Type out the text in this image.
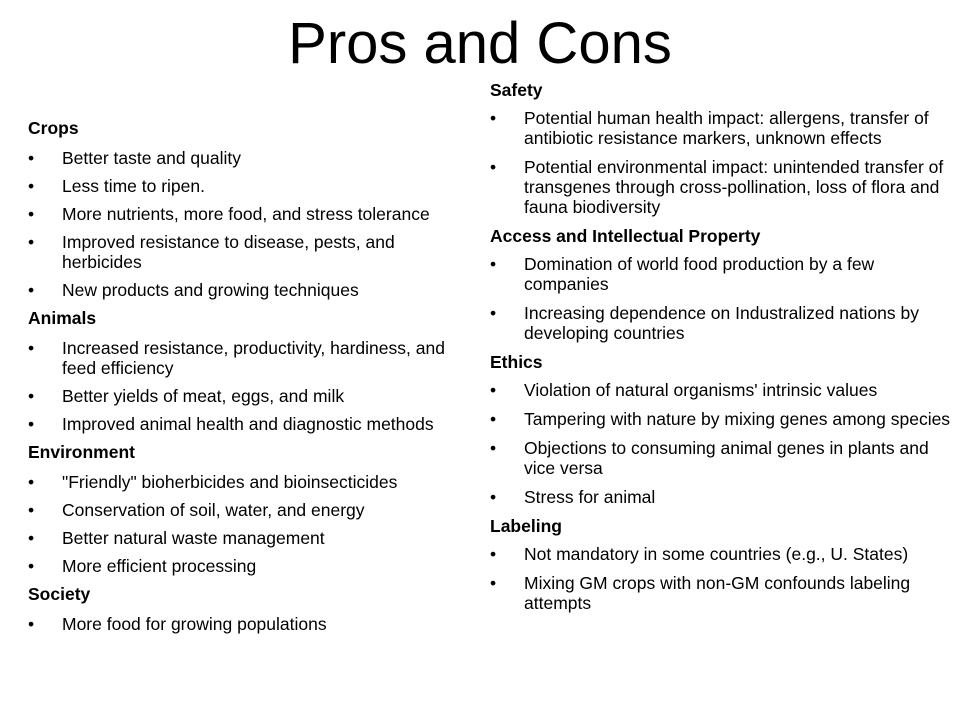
Pros and Cons
Crops
•	Better taste and quality
•	Less time to ripen.
•	More nutrients, more food, and stress tolerance
•	Improved resistance to disease, pests, and herbicides
•	New products and growing techniques
Animals
•	Increased resistance, productivity, hardiness, and feed efficiency
•	Better yields of meat, eggs, and milk
•	Improved animal health and diagnostic methods
Environment
•	"Friendly" bioherbicides and bioinsecticides
•	Conservation of soil, water, and energy
•	Better natural waste management
•	More efficient processing
Society
•	More food for growing populations
Safety
•	Potential human health impact: allergens, transfer of antibiotic resistance markers, unknown effects
•	Potential environmental impact: unintended transfer of transgenes through cross-pollination, loss of flora and fauna biodiversity
Access and Intellectual Property
•	Domination of world food production by a few companies
•	Increasing dependence on Industralized nations by developing countries
Ethics
•	Violation of natural organisms' intrinsic values
•	Tampering with nature by mixing genes among species
•	Objections to consuming animal genes in plants and vice versa
•	Stress for animal
Labeling
•	Not mandatory in some countries (e.g., U. States)
•	Mixing GM crops with non-GM confounds labeling attempts
